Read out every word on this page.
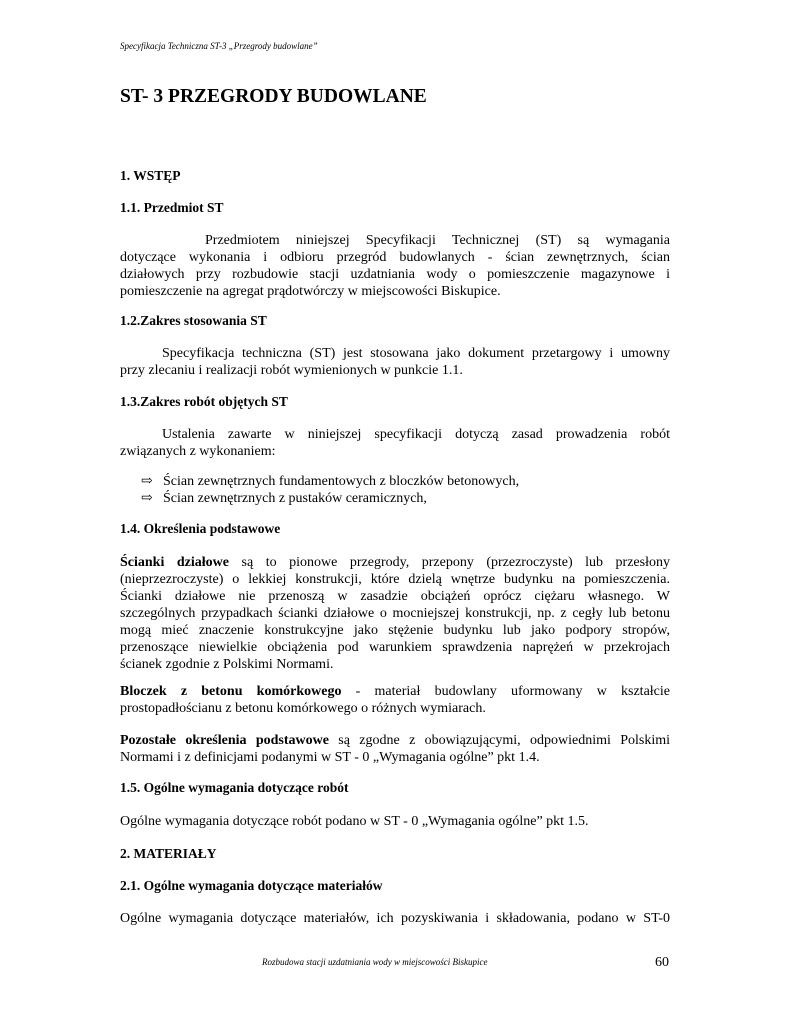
Specyfikacja Techniczna ST-3 „Przegrody budowlane”
ST- 3 PRZEGRODY BUDOWLANE
1. WSTĘP
1.1. Przedmiot ST
Przedmiotem niniejszej Specyfikacji Technicznej (ST) są wymagania
dotyczące wykonania i odbioru przegród budowlanych - ścian zewnętrznych, ścian
działowych przy rozbudowie stacji uzdatniania wody o pomieszczenie magazynowe i
pomieszczenie na agregat prądotwórczy w miejscowości Biskupice.
1.2.Zakres stosowania ST
Specyfikacja techniczna (ST) jest stosowana jako dokument przetargowy i umowny
przy zlecaniu i realizacji robót wymienionych w punkcie 1.1.
1.3.Zakres robót objętych ST
Ustalenia zawarte w niniejszej specyfikacji dotyczą zasad prowadzenia robót
związanych z wykonaniem:
⇨ Ścian zewnętrznych fundamentowych z bloczków betonowych,
⇨ Ścian zewnętrznych z pustaków ceramicznych,
1.4. Określenia podstawowe
Ścianki działowe są to pionowe przegrody, przepony (przezroczyste) lub przesłony
(nieprzezroczyste) o lekkiej konstrukcji, które dzielą wnętrze budynku na pomieszczenia.
Ścianki działowe nie przenoszą w zasadzie obciążeń oprócz ciężaru własnego. W
szczególnych przypadkach ścianki działowe o mocniejszej konstrukcji, np. z cegły lub betonu
mogą mieć znaczenie konstrukcyjne jako stężenie budynku lub jako podpory stropów,
przenoszące niewielkie obciążenia pod warunkiem sprawdzenia naprężeń w przekrojach
ścianek zgodnie z Polskimi Normami.
Bloczek z betonu komórkowego - materiał budowlany uformowany w kształcie
prostopadłościanu z betonu komórkowego o różnych wymiarach.
Pozostałe określenia podstawowe są zgodne z obowiązującymi, odpowiednimi Polskimi
Normami i z definicjami podanymi w ST - 0 „Wymagania ogólne” pkt 1.4.
1.5. Ogólne wymagania dotyczące robót
Ogólne wymagania dotyczące robót podano w ST - 0 „Wymagania ogólne” pkt 1.5.
2. MATERIAŁY
2.1. Ogólne wymagania dotyczące materiałów
Ogólne wymagania dotyczące materiałów, ich pozyskiwania i składowania, podano w ST-0
Rozbudowa stacji uzdatniania wody w miejscowości Biskupice	60
